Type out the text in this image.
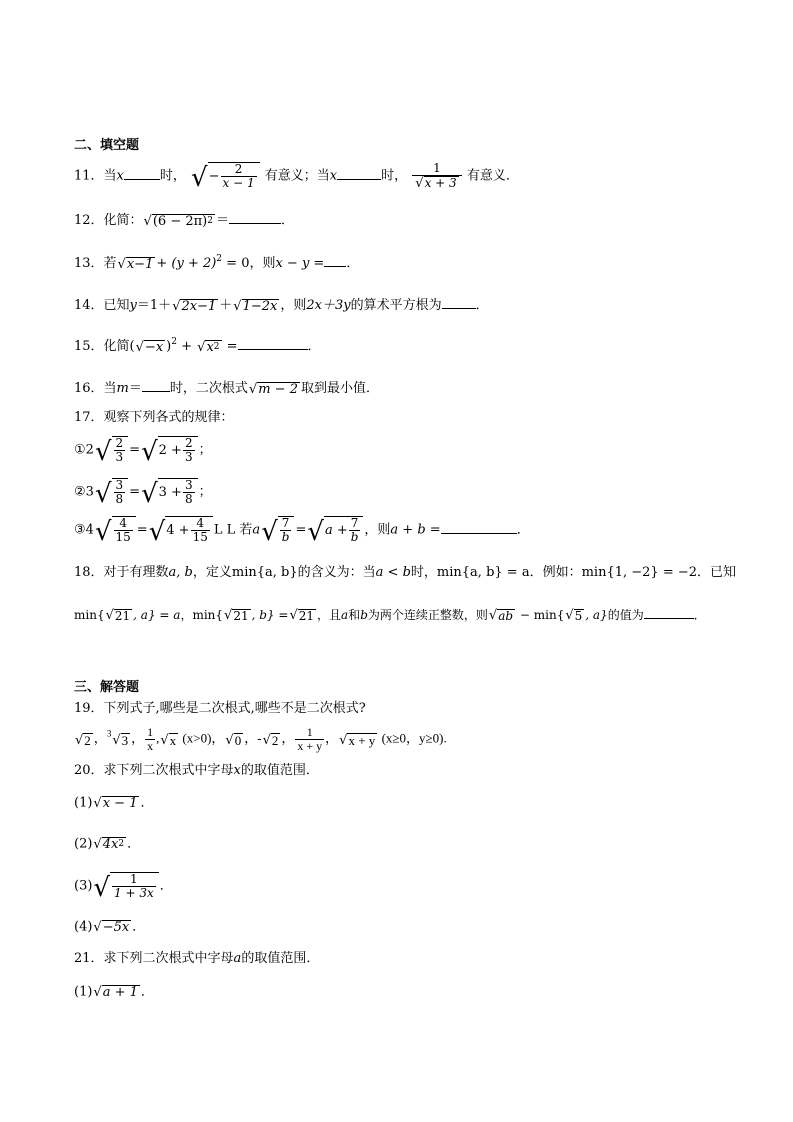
二、填空题
11．当x	时， √ − $\frac{2}{x - 1}$ 有意义；当x	时， $\frac{1}{√ x + 3}$ 有意义．
12．化简： √ (6 − 2π) 2 ＝	．
13．若 √ $x-1 + (y + 2)^2 = 0$，则x − y = ．
14．已知y＝1＋ √ 2x−1 ＋ √ 1−2x ，则2x＋3y的算术平方根为	．
15．化简( √ −x )$^2$ + √ x 2 =	．
16．当m＝ 时，二次根式 √ m − 2 取到最小值．
17．观察下列各式的规律：
①2 √ $\frac{2}{3}$ = √ $2 + \frac{2}{3}$ ；
②3 √ $\frac{3}{8}$ = √ $3 + \frac{3}{8}$ ；
③4 √ $\frac{4}{15}$ = √ $4 + \frac{4}{15}$ L L 若a √ $\frac{7}{b}$ = √ $a + \frac{7}{b}$ ，则a + b =	．
18．对于有理数a, b，定义min{a, b}的含义为：当a < b时，min{a, b} = a．例如：min{1, −2} = −2．已知
min{ √ 21 , a} = a，min{ √ 21 , b} = √ 21 ，且a和b为两个连续正整数，则 √ ab − min{ √ 5 , a}的值为	．
三、解答题
19．下列式子,哪些是二次根式,哪些不是二次根式?
√ 2 ，$^3$ √ 3 ， $\frac{1}{x}$ , √ x (x>0)， √ 0 ，- √ 2 ， $\frac{1}{x + y}$ ， √ x + y (x≥0，y≥0).
20．求下列二次根式中字母x的取值范围．
(1) √ x − 1 ．
(2) √ 4x 2 ．
(3) √ $\frac{1}{1 + 3x}$ ．
(4) √ −5x ．
21．求下列二次根式中字母a的取值范围．
(1) √ a + 1 ．
